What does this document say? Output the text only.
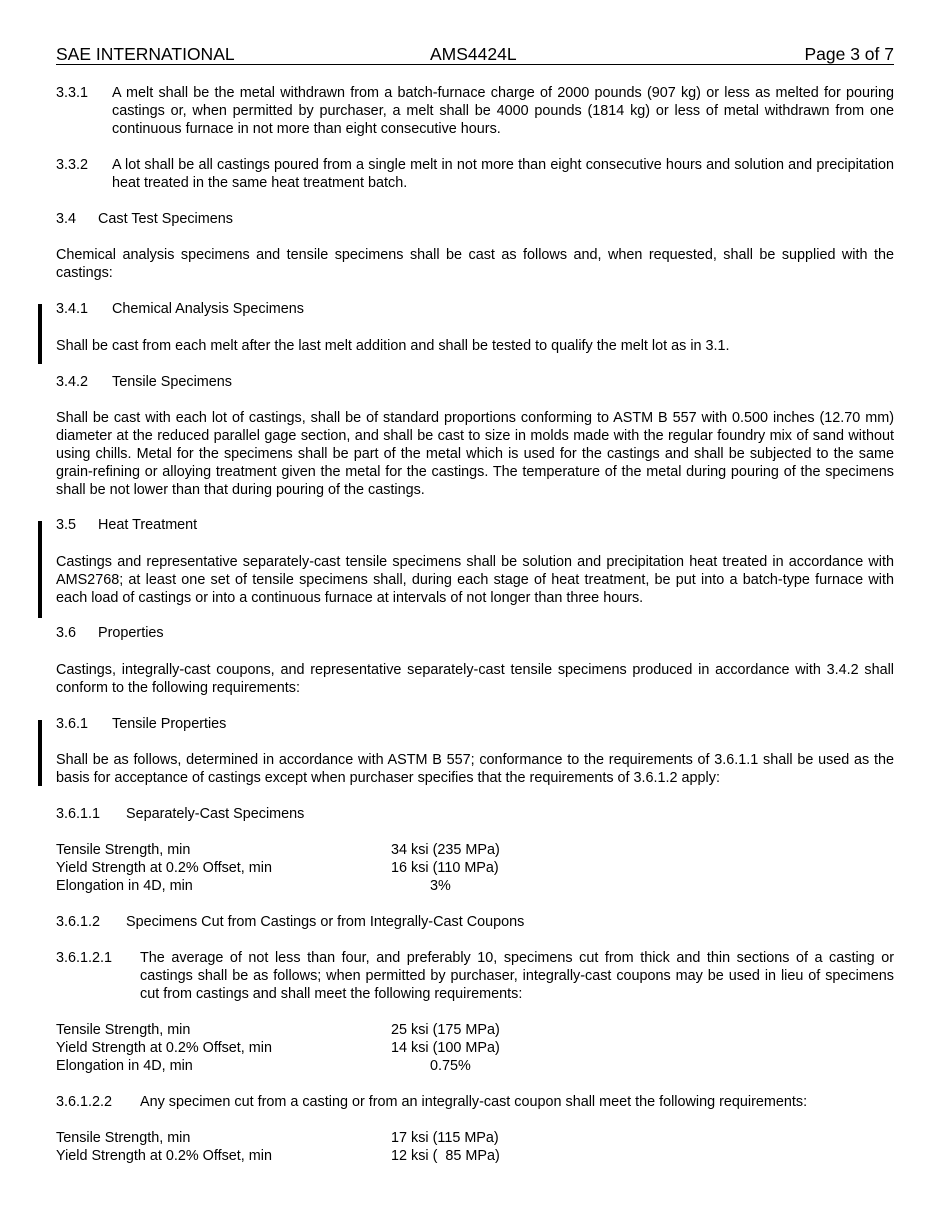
SAE INTERNATIONAL	AMS4424L	Page 3 of 7
3.3.1	A melt shall be the metal withdrawn from a batch-furnace charge of 2000 pounds (907 kg) or less as melted for pouring castings or, when permitted by purchaser, a melt shall be 4000 pounds (1814 kg) or less of metal withdrawn from one continuous furnace in not more than eight consecutive hours.
3.3.2	A lot shall be all castings poured from a single melt in not more than eight consecutive hours and solution and precipitation heat treated in the same heat treatment batch.
3.4 Cast Test Specimens
Chemical analysis specimens and tensile specimens shall be cast as follows and, when requested, shall be supplied with the castings:
3.4.1 Chemical Analysis Specimens
Shall be cast from each melt after the last melt addition and shall be tested to qualify the melt lot as in 3.1.
3.4.2 Tensile Specimens
Shall be cast with each lot of castings, shall be of standard proportions conforming to ASTM B 557 with 0.500 inches (12.70 mm) diameter at the reduced parallel gage section, and shall be cast to size in molds made with the regular foundry mix of sand without using chills. Metal for the specimens shall be part of the metal which is used for the castings and shall be subjected to the same grain-refining or alloying treatment given the metal for the castings. The temperature of the metal during pouring of the specimens shall be not lower than that during pouring of the castings.
3.5 Heat Treatment
Castings and representative separately-cast tensile specimens shall be solution and precipitation heat treated in accordance with AMS2768; at least one set of tensile specimens shall, during each stage of heat treatment, be put into a batch-type furnace with each load of castings or into a continuous furnace at intervals of not longer than three hours.
3.6 Properties
Castings, integrally-cast coupons, and representative separately-cast tensile specimens produced in accordance with 3.4.2 shall conform to the following requirements:
3.6.1 Tensile Properties
Shall be as follows, determined in accordance with ASTM B 557; conformance to the requirements of 3.6.1.1 shall be used as the basis for acceptance of castings except when purchaser specifies that the requirements of 3.6.1.2 apply:
3.6.1.1 Separately-Cast Specimens
Tensile Strength, min	34 ksi (235 MPa)
Yield Strength at 0.2% Offset, min	16 ksi (110 MPa)
Elongation in 4D, min	3%
3.6.1.2 Specimens Cut from Castings or from Integrally-Cast Coupons
3.6.1.2.1	The average of not less than four, and preferably 10, specimens cut from thick and thin sections of a casting or castings shall be as follows; when permitted by purchaser, integrally-cast coupons may be used in lieu of specimens cut from castings and shall meet the following requirements:
Tensile Strength, min	25 ksi (175 MPa)
Yield Strength at 0.2% Offset, min	14 ksi (100 MPa)
Elongation in 4D, min	0.75%
3.6.1.2.2	Any specimen cut from a casting or from an integrally-cast coupon shall meet the following requirements:
Tensile Strength, min	17 ksi (115 MPa)
Yield Strength at 0.2% Offset, min	12 ksi (  85 MPa)
